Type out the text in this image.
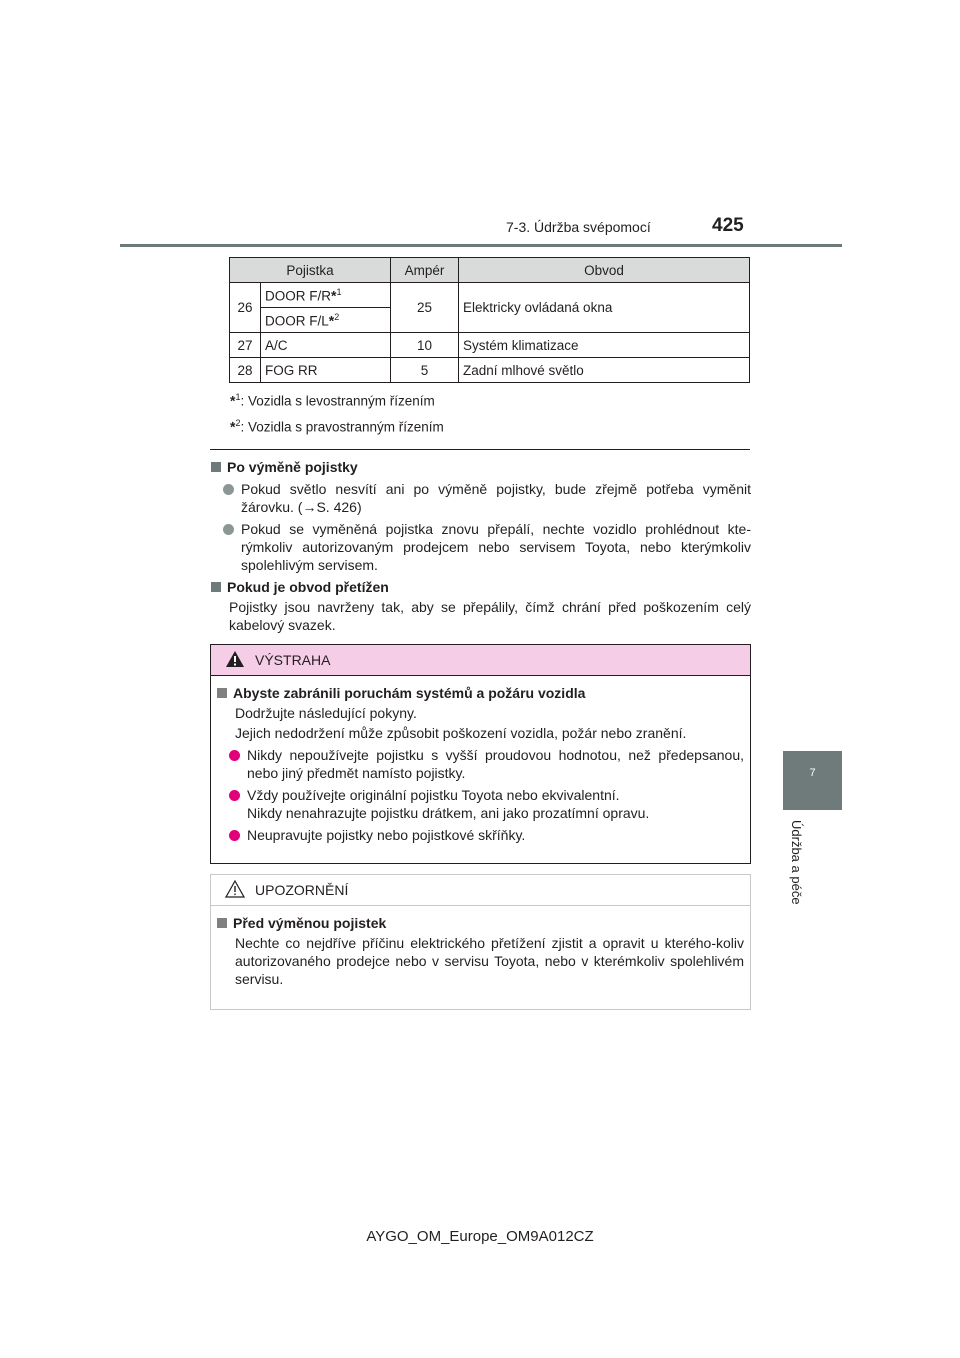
7-3. Údržba svépomocí	425
7
Údržba a péče
Pojistka		Ampér	Obvod
26	DOOR F/R*$^1$	25	Elektricky ovládaná okna
	DOOR F/L*$^2$
27	A/C	10	Systém klimatizace
28	FOG RR	5	Zadní mlhové světlo
*$^1$: Vozidla s levostranným řízením
*$^2$: Vozidla s pravostranným řízením
Po výměně pojistky
Pokud světlo nesvítí ani po výměně pojistky, bude zřejmě potřeba vyměnit žárovku. (→S. 426)
Pokud se vyměněná pojistka znovu přepálí, nechte vozidlo prohlédnout kte-rýmkoliv autorizovaným prodejcem nebo servisem Toyota, nebo kterýmkoliv spolehlivým servisem.
Pokud je obvod přetížen
Pojistky jsou navrženy tak, aby se přepálily, čímž chrání před poškozením celý kabelový svazek.
VÝSTRAHA
Abyste zabránili poruchám systémů a požáru vozidla
Dodržujte následující pokyny.
Jejich nedodržení může způsobit poškození vozidla, požár nebo zranění.
Nikdy nepoužívejte pojistku s vyšší proudovou hodnotou, než předepsanou, nebo jiný předmět namísto pojistky.
Vždy používejte originální pojistku Toyota nebo ekvivalentní.
Nikdy nenahrazujte pojistku drátkem, ani jako prozatímní opravu.
Neupravujte pojistky nebo pojistkové skříňky.
UPOZORNĚNÍ
Před výměnou pojistek
Nechte co nejdříve příčinu elektrického přetížení zjistit a opravit u kterého-koliv autorizovaného prodejce nebo v servisu Toyota, nebo v kterémkoliv spolehlivém servisu.
AYGO_OM_Europe_OM9A012CZ
